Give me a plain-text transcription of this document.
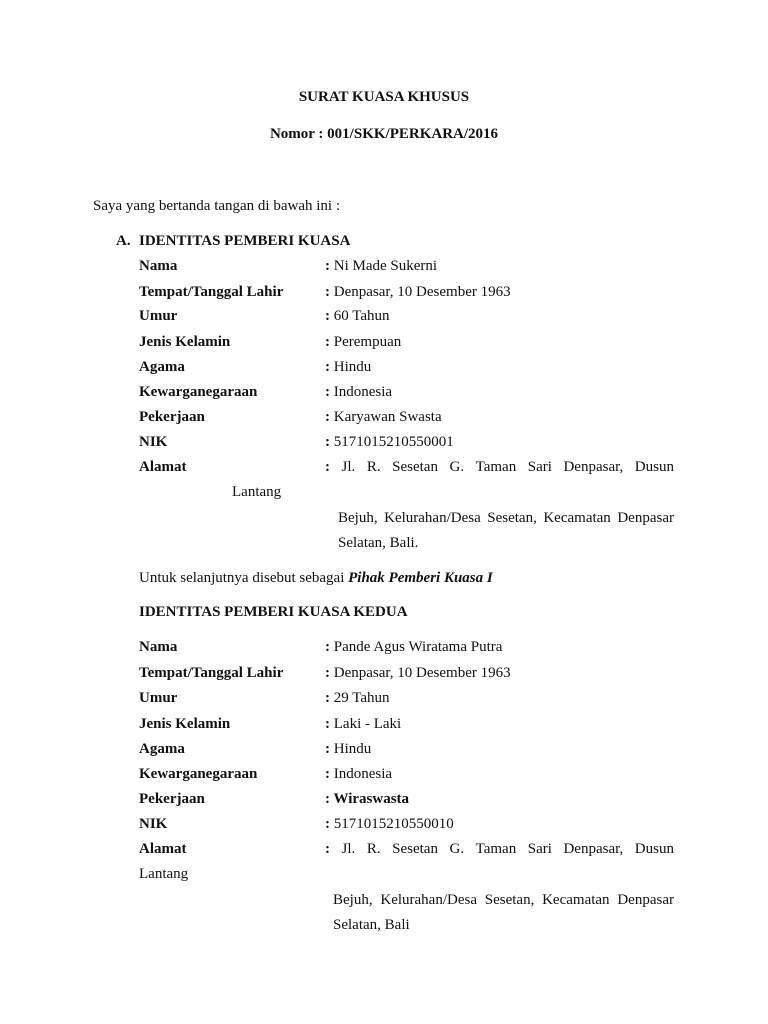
SURAT KUASA KHUSUS
Nomor : 001/SKK/PERKARA/2016
Saya yang bertanda tangan di bawah ini :
A. IDENTITAS PEMBERI KUASA
Nama	: Ni Made Sukerni
Tempat/Tanggal Lahir	: Denpasar, 10 Desember 1963
Umur	: 60 Tahun
Jenis Kelamin	: Perempuan
Agama	: Hindu
Kewarganegaraan	: Indonesia
Pekerjaan	: Karyawan Swasta
NIK	: 5171015210550001
Alamat	: Jl. R. Sesetan G. Taman Sari Denpasar, Dusun
Lantang
Bejuh, Kelurahan/Desa Sesetan, Kecamatan Denpasar
Selatan, Bali.
Untuk selanjutnya disebut sebagai Pihak Pemberi Kuasa I
IDENTITAS PEMBERI KUASA KEDUA
Nama	: Pande Agus Wiratama Putra
Tempat/Tanggal Lahir	: Denpasar, 10 Desember 1963
Umur	: 29 Tahun
Jenis Kelamin	: Laki - Laki
Agama	: Hindu
Kewarganegaraan	: Indonesia
Pekerjaan	: Wiraswasta
NIK	: 5171015210550010
Alamat	: Jl. R. Sesetan G. Taman Sari Denpasar, Dusun
Lantang
Bejuh, Kelurahan/Desa Sesetan, Kecamatan Denpasar
Selatan, Bali
